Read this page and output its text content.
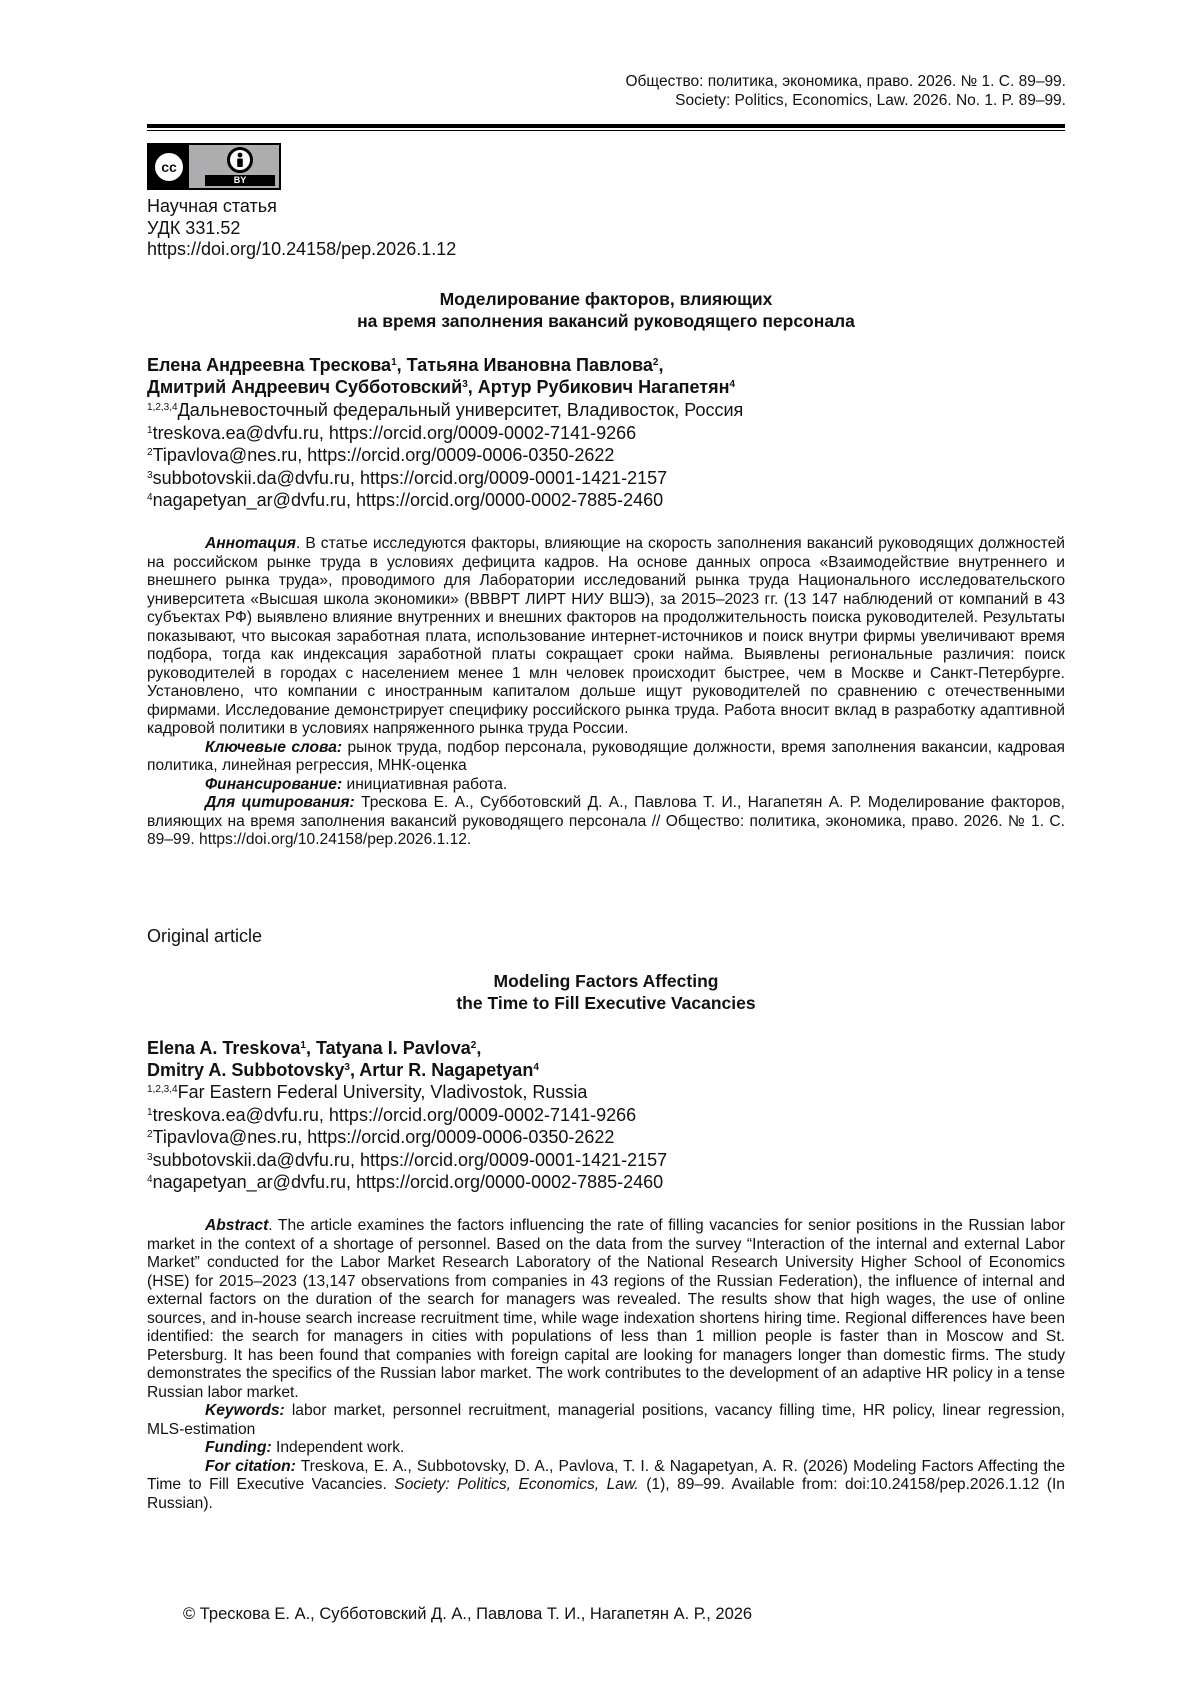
Общество: политика, экономика, право. 2026. № 1. С. 89–99.
Society: Politics, Economics, Law. 2026. No. 1. P. 89–99.
cc
BY
Научная статья
УДК 331.52
https://doi.org/10.24158/pep.2026.1.12
Моделирование факторов, влияющих
на время заполнения вакансий руководящего персонала
Елена Андреевна Трескова$^1$, Татьяна Ивановна Павлова$^2$,
Дмитрий Андреевич Субботовский$^3$, Артур Рубикович Нагапетян$^4$
$^{1,2,3,4}$Дальневосточный федеральный университет, Владивосток, Россия
$^1$treskova.ea@dvfu.ru, https://orcid.org/0009-0002-7141-9266
$^2$Tipavlova@nes.ru, https://orcid.org/0009-0006-0350-2622
$^3$subbotovskii.da@dvfu.ru, https://orcid.org/0009-0001-1421-2157
$^4$nagapetyan_ar@dvfu.ru, https://orcid.org/0000-0002-7885-2460

Аннотация. В статье исследуются факторы, влияющие на скорость заполнения вакансий руководящих должностей на российском рынке труда в условиях дефицита кадров. На основе данных опроса «Взаимодействие внутреннего и внешнего рынка труда», проводимого для Лаборатории исследований рынка труда Национального исследовательского университета «Высшая школа экономики» (ВВВРТ ЛИРТ НИУ ВШЭ), за 2015–2023 гг. (13 147 наблюдений от компаний в 43 субъектах РФ) выявлено влияние внутренних и внешних факторов на продолжительность поиска руководителей. Результаты показывают, что высокая заработная плата, использование интернет-источников и поиск внутри фирмы увеличивают время подбора, тогда как индексация заработной платы сокращает сроки найма. Выявлены региональные различия: поиск руководителей в городах с населением менее 1 млн человек происходит быстрее, чем в Москве и Санкт-Петербурге. Установлено, что компании с иностранным капиталом дольше ищут руководителей по сравнению с отечественными фирмами. Исследование демонстрирует специфику российского рынка труда. Работа вносит вклад в разработку адаптивной кадровой политики в условиях напряженного рынка труда России.

Ключевые слова: рынок труда, подбор персонала, руководящие должности, время заполнения вакансии, кадровая политика, линейная регрессия, МНК-оценка

Финансирование: инициативная работа.

Для цитирования: Трескова Е. А., Субботовский Д. А., Павлова Т. И., Нагапетян А. Р. Моделирование факторов, влияющих на время заполнения вакансий руководящего персонала // Общество: политика, экономика, право. 2026. № 1. С. 89–99. https://doi.org/10.24158/pep.2026.1.12.

Original article
Modeling Factors Affecting
the Time to Fill Executive Vacancies
Elena A. Treskova$^1$, Tatyana I. Pavlova$^2$,
Dmitry A. Subbotovsky$^3$, Artur R. Nagapetyan$^4$
$^{1,2,3,4}$Far Eastern Federal University, Vladivostok, Russia
$^1$treskova.ea@dvfu.ru, https://orcid.org/0009-0002-7141-9266
$^2$Tipavlova@nes.ru, https://orcid.org/0009-0006-0350-2622
$^3$subbotovskii.da@dvfu.ru, https://orcid.org/0009-0001-1421-2157
$^4$nagapetyan_ar@dvfu.ru, https://orcid.org/0000-0002-7885-2460

Abstract. The article examines the factors influencing the rate of filling vacancies for senior positions in the Russian labor market in the context of a shortage of personnel. Based on the data from the survey “Interaction of the internal and external Labor Market” conducted for the Labor Market Research Laboratory of the National Research University Higher School of Economics (HSE) for 2015–2023 (13,147 observations from companies in 43 regions of the Russian Federation), the influence of internal and external factors on the duration of the search for managers was revealed. The results show that high wages, the use of online sources, and in-house search increase recruitment time, while wage indexation shortens hiring time. Regional differences have been identified: the search for managers in cities with populations of less than 1 million people is faster than in Moscow and St. Petersburg. It has been found that companies with foreign capital are looking for managers longer than domestic firms. The study demonstrates the specifics of the Russian labor market. The work contributes to the development of an adaptive HR policy in a tense Russian labor market.

Keywords: labor market, personnel recruitment, managerial positions, vacancy filling time, HR policy, linear regression, MLS-estimation

Funding: Independent work.

For citation: Treskova, E. A., Subbotovsky, D. A., Pavlova, T. I. & Nagapetyan, A. R. (2026) Modeling Factors Affecting the Time to Fill Executive Vacancies. Society: Politics, Economics, Law. (1), 89–99. Available from: doi:10.24158/pep.2026.1.12 (In Russian).

© Трескова Е. А., Субботовский Д. А., Павлова Т. И., Нагапетян А. Р., 2026
